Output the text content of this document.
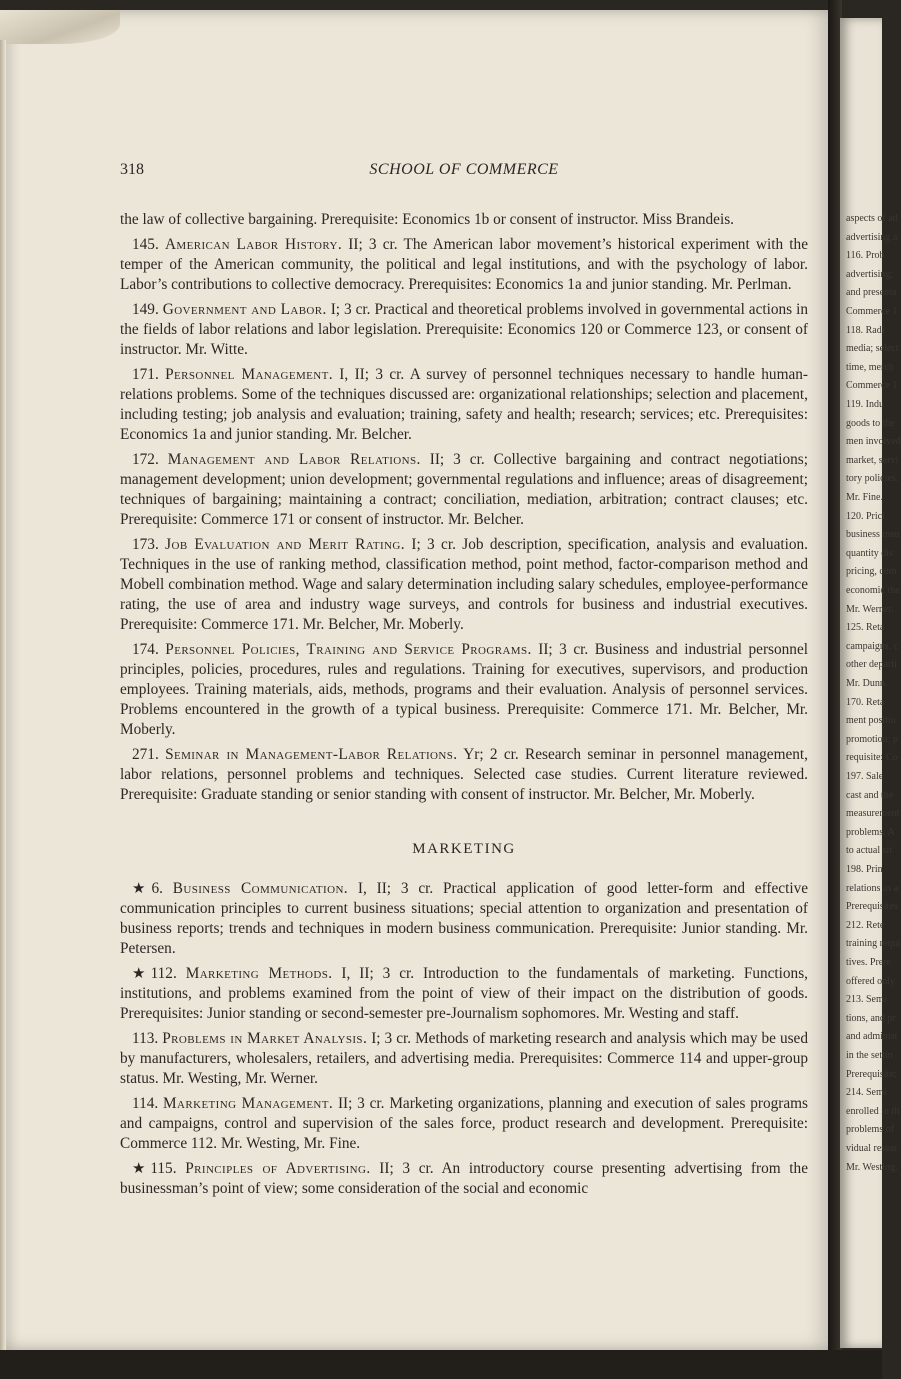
318	SCHOOL OF COMMERCE

the law of collective bargaining. Prerequisite: Economics 1b or consent of instructor. Miss Brandeis.

145. American Labor History. II; 3 cr. The American labor movement’s historical experiment with the temper of the American community, the political and legal institutions, and with the psychology of labor. Labor’s contributions to collective democracy. Prerequisites: Economics 1a and junior standing. Mr. Perlman.

149. Government and Labor. I; 3 cr. Practical and theoretical problems involved in governmental actions in the fields of labor relations and labor legislation. Prerequisite: Economics 120 or Commerce 123, or consent of instructor. Mr. Witte.

171. Personnel Management. I, II; 3 cr. A survey of personnel techniques necessary to handle human-relations problems. Some of the techniques discussed are: organizational relationships; selection and placement, including testing; job analysis and evaluation; training, safety and health; research; services; etc. Prerequisites: Economics 1a and junior standing. Mr. Belcher.

172. Management and Labor Relations. II; 3 cr. Collective bargaining and contract negotiations; management development; union development; governmental regulations and influence; areas of disagreement; techniques of bargaining; maintaining a contract; conciliation, mediation, arbitration; contract clauses; etc. Prerequisite: Commerce 171 or consent of instructor. Mr. Belcher.

173. Job Evaluation and Merit Rating. I; 3 cr. Job description, specification, analysis and evaluation. Techniques in the use of ranking method, classification method, point method, factor-comparison method and Mobell combination method. Wage and salary determination including salary schedules, employee-performance rating, the use of area and industry wage surveys, and controls for business and industrial executives. Prerequisite: Commerce 171. Mr. Belcher, Mr. Moberly.

174. Personnel Policies, Training and Service Programs. II; 3 cr. Business and industrial personnel principles, policies, procedures, rules and regulations. Training for executives, supervisors, and production employees. Training materials, aids, methods, programs and their evaluation. Analysis of personnel services. Problems encountered in the growth of a typical business. Prerequisite: Commerce 171. Mr. Belcher, Mr. Moberly.

271. Seminar in Management-Labor Relations. Yr; 2 cr. Research seminar in personnel management, labor relations, personnel problems and techniques. Selected case studies. Current literature reviewed. Prerequisite: Graduate standing or senior standing with consent of instructor. Mr. Belcher, Mr. Moberly.

MARKETING

★6. Business Communication. I, II; 3 cr. Practical application of good letter-form and effective communication principles to current business situations; special attention to organization and presentation of business reports; trends and techniques in modern business communication. Prerequisite: Junior standing. Mr. Petersen.

★112. Marketing Methods. I, II; 3 cr. Introduction to the fundamentals of marketing. Functions, institutions, and problems examined from the point of view of their impact on the distribution of goods. Prerequisites: Junior standing or second-semester pre-Journalism sophomores. Mr. Westing and staff.

113. Problems in Market Analysis. I; 3 cr. Methods of marketing research and analysis which may be used by manufacturers, wholesalers, retailers, and advertising media. Prerequisites: Commerce 114 and upper-group status. Mr. Westing, Mr. Werner.

114. Marketing Management. II; 3 cr. Marketing organizations, planning and execution of sales programs and campaigns, control and supervision of the sales force, product research and development. Prerequisite: Commerce 112. Mr. Westing, Mr. Fine.

★115. Principles of Advertising. II; 3 cr. An introductory course presenting advertising from the businessman’s point of view; some consideration of the social and economic

aspects of ad
advertising a
116. Prob
advertising;
and presenta
Commerce 1
118. Radi
media; select
time, merch
Commerce 1
119. Indu
goods to the
men involved
market, servi
tory policies.
Mr. Fine.
120. Prici
business men
quantity dis
pricing, com
economic the
Mr. Werner.
125. Reta
campaigns, c
other departi
Mr. Dunn.
170. Reta
ment positio
promotion; p
requisite: Co
197. Sale
cast and the
measurement
problems. A
to actual sit
198. Prin
relations as a
Prerequisites
212. Rete
training requi
tives. Prere
offered only
213. Semi
tions, and pr
and administ
in the settin
Prerequisite:
214. Semi
enrolled in th
problems of
vidual resear
Mr. Westing.
